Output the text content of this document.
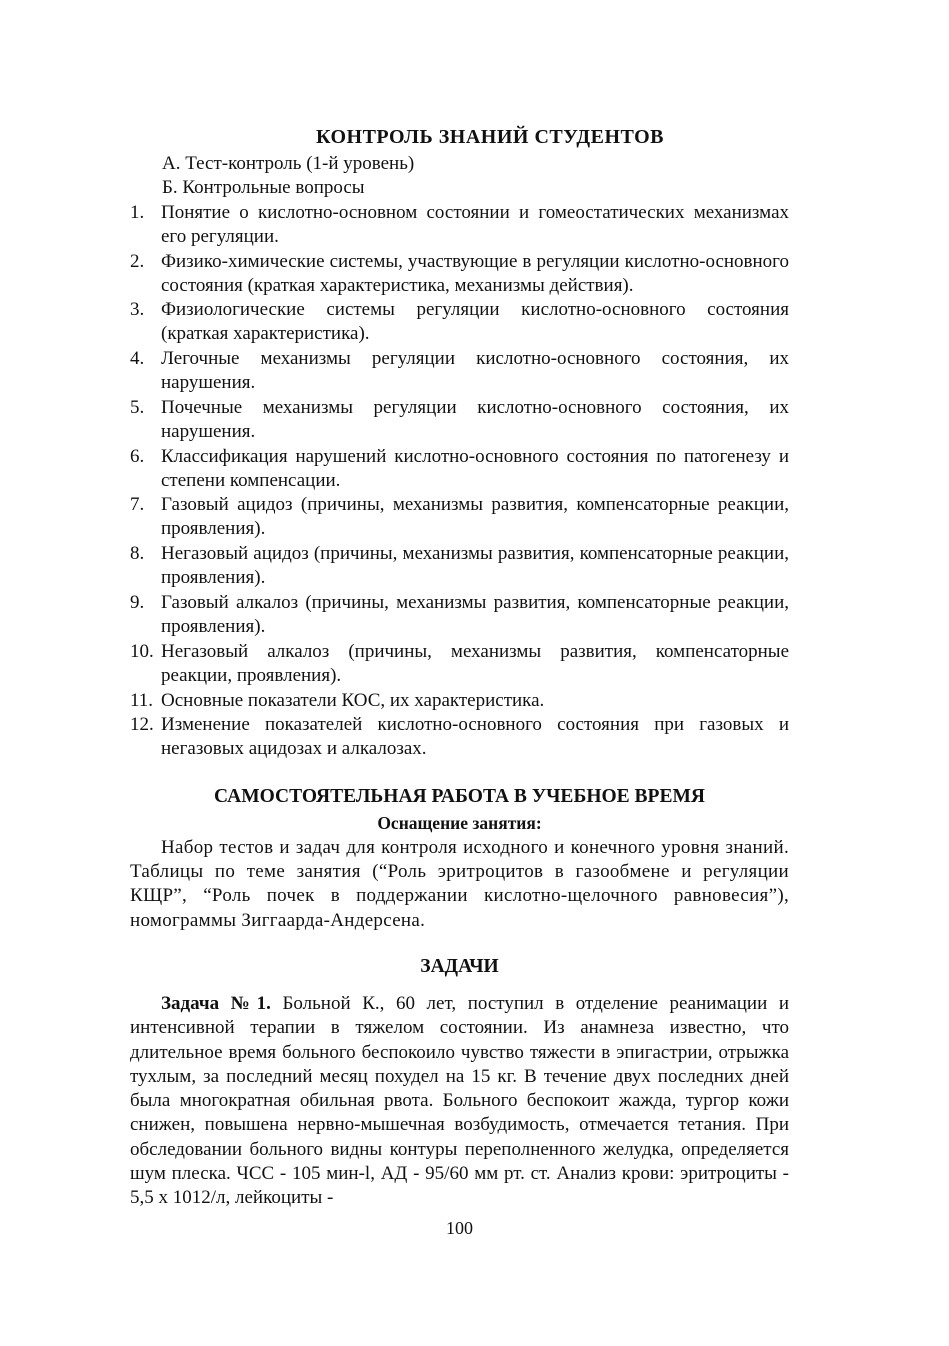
КОНТРОЛЬ ЗНАНИЙ СТУДЕНТОВ
А. Тест-контроль (1-й уровень)
Б. Контрольные вопросы
1. Понятие о кислотно-основном состоянии и гомеостатических механизмах его регуляции.
2. Физико-химические системы, участвующие в регуляции кислотно-основного состояния (краткая характеристика, механизмы действия).
3. Физиологические системы регуляции кислотно-основного состояния (краткая характеристика).
4. Легочные механизмы регуляции кислотно-основного состояния, их нарушения.
5. Почечные механизмы регуляции кислотно-основного состояния, их нарушения.
6. Классификация нарушений кислотно-основного состояния по патогенезу и степени компенсации.
7. Газовый ацидоз (причины, механизмы развития, компенсаторные реакции, проявления).
8. Негазовый ацидоз (причины, механизмы развития, компенсаторные реакции, проявления).
9. Газовый алкалоз (причины, механизмы развития, компенсаторные реакции, проявления).
10. Негазовый алкалоз (причины, механизмы развития, компенсаторные реакции, проявления).
11. Основные показатели КОС, их характеристика.
12. Изменение показателей кислотно-основного состояния при газовых и негазовых ацидозах и алкалозах.
САМОСТОЯТЕЛЬНАЯ РАБОТА В УЧЕБНОЕ ВРЕМЯ
Оснащение занятия:
Набор тестов и задач для контроля исходного и конечного уровня знаний. Таблицы по теме занятия (“Роль эритроцитов в газообмене и регуляции КЩР”, “Роль почек в поддержании кислотно-щелочного равновесия”), номограммы Зиггаарда-Андерсена.
ЗАДАЧИ
Задача №1. Больной К., 60 лет, поступил в отделение реанимации и интенсивной терапии в тяжелом состоянии. Из анамнеза известно, что длительное время больного беспокоило чувство тяжести в эпигастрии, отрыжка тухлым, за последний месяц похудел на 15 кг. В течение двух последних дней была многократная обильная рвота. Больного беспокоит жажда, тургор кожи снижен, повышена нервно-мышечная возбудимость, отмечается тетания. При обследовании больного видны контуры переполненного желудка, определяется шум плеска. ЧСС - 105 мин-l, АД - 95/60 мм рт. ст. Анализ крови: эритроциты - 5,5 х 1012/л, лейкоциты -
100
